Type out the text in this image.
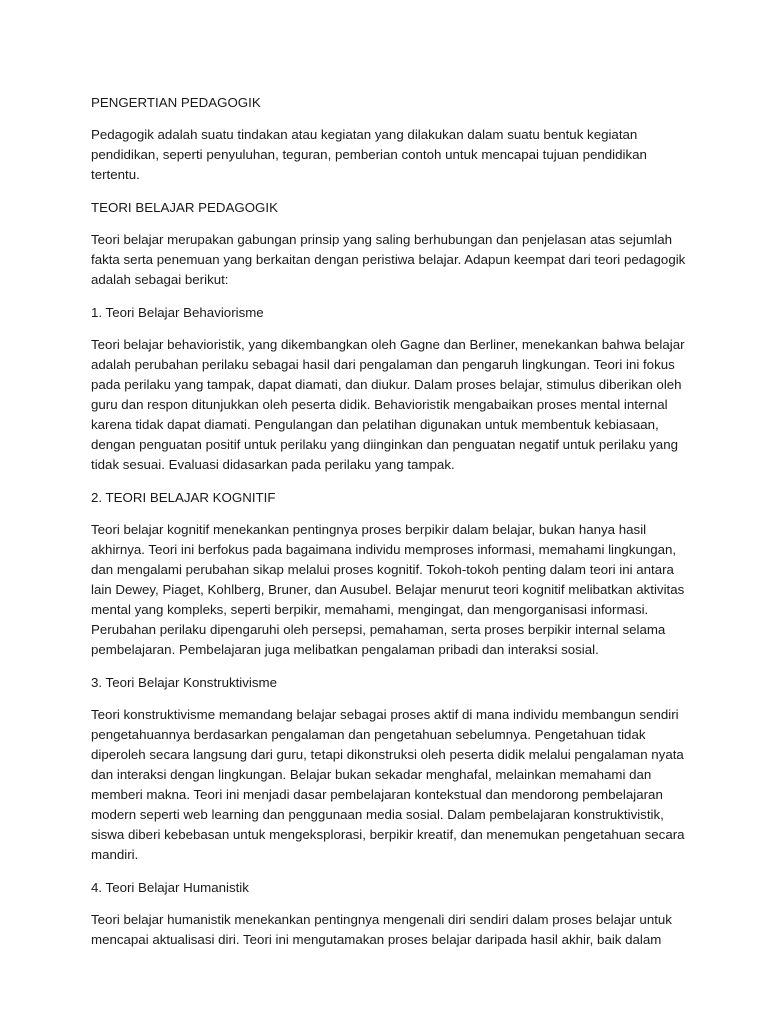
PENGERTIAN PEDAGOGIK

Pedagogik adalah suatu tindakan atau kegiatan yang dilakukan dalam suatu bentuk kegiatan pendidikan, seperti penyuluhan, teguran, pemberian contoh untuk mencapai tujuan pendidikan tertentu.

TEORI BELAJAR PEDAGOGIK

Teori belajar merupakan gabungan prinsip yang saling berhubungan dan penjelasan atas sejumlah fakta serta penemuan yang berkaitan dengan peristiwa belajar. Adapun keempat dari teori pedagogik adalah sebagai berikut:

1. Teori Belajar Behaviorisme

Teori belajar behavioristik, yang dikembangkan oleh Gagne dan Berliner, menekankan bahwa belajar adalah perubahan perilaku sebagai hasil dari pengalaman dan pengaruh lingkungan. Teori ini fokus pada perilaku yang tampak, dapat diamati, dan diukur. Dalam proses belajar, stimulus diberikan oleh guru dan respon ditunjukkan oleh peserta didik. Behavioristik mengabaikan proses mental internal karena tidak dapat diamati. Pengulangan dan pelatihan digunakan untuk membentuk kebiasaan, dengan penguatan positif untuk perilaku yang diinginkan dan penguatan negatif untuk perilaku yang tidak sesuai. Evaluasi didasarkan pada perilaku yang tampak.

2. TEORI BELAJAR KOGNITIF

Teori belajar kognitif menekankan pentingnya proses berpikir dalam belajar, bukan hanya hasil akhirnya. Teori ini berfokus pada bagaimana individu memproses informasi, memahami lingkungan, dan mengalami perubahan sikap melalui proses kognitif. Tokoh-tokoh penting dalam teori ini antara lain Dewey, Piaget, Kohlberg, Bruner, dan Ausubel. Belajar menurut teori kognitif melibatkan aktivitas mental yang kompleks, seperti berpikir, memahami, mengingat, dan mengorganisasi informasi. Perubahan perilaku dipengaruhi oleh persepsi, pemahaman, serta proses berpikir internal selama pembelajaran. Pembelajaran juga melibatkan pengalaman pribadi dan interaksi sosial.

3. Teori Belajar Konstruktivisme

Teori konstruktivisme memandang belajar sebagai proses aktif di mana individu membangun sendiri pengetahuannya berdasarkan pengalaman dan pengetahuan sebelumnya. Pengetahuan tidak diperoleh secara langsung dari guru, tetapi dikonstruksi oleh peserta didik melalui pengalaman nyata dan interaksi dengan lingkungan. Belajar bukan sekadar menghafal, melainkan memahami dan memberi makna. Teori ini menjadi dasar pembelajaran kontekstual dan mendorong pembelajaran modern seperti web learning dan penggunaan media sosial. Dalam pembelajaran konstruktivistik, siswa diberi kebebasan untuk mengeksplorasi, berpikir kreatif, dan menemukan pengetahuan secara mandiri.

4. Teori Belajar Humanistik

Teori belajar humanistik menekankan pentingnya mengenali diri sendiri dalam proses belajar untuk mencapai aktualisasi diri. Teori ini mengutamakan proses belajar daripada hasil akhir, baik dalam
